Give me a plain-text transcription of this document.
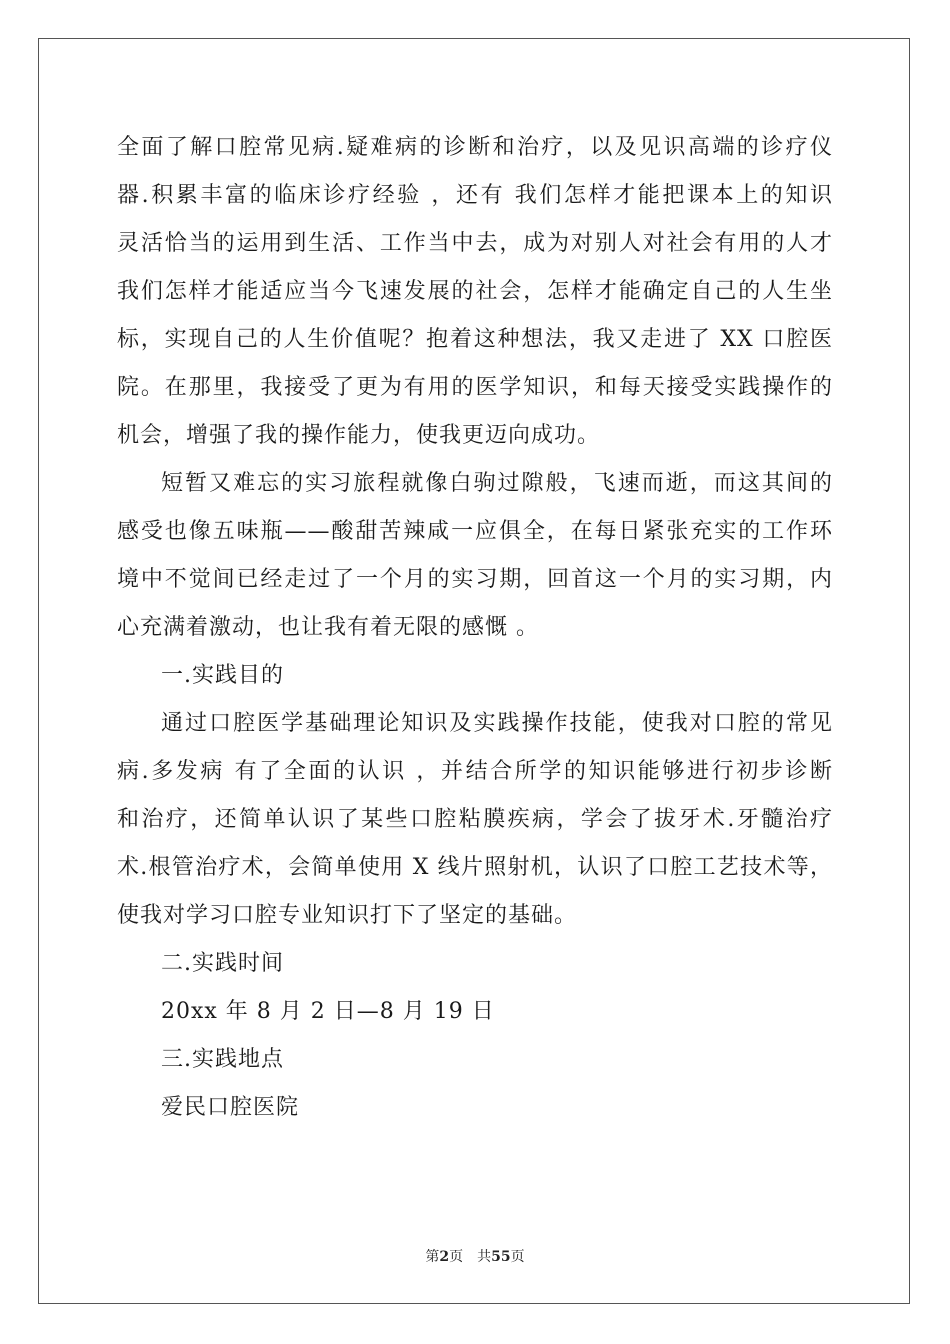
全面了解口腔常见病.疑难病的诊断和治疗，以及见识高端的诊疗仪
器.积累丰富的临床诊疗经验 ，还有 我们怎样才能把课本上的知识
灵活恰当的运用到生活、工作当中去，成为对别人对社会有用的人才
我们怎样才能适应当今飞速发展的社会，怎样才能确定自己的人生坐
标，实现自己的人生价值呢？抱着这种想法，我又走进了 XX 口腔医
院。在那里，我接受了更为有用的医学知识，和每天接受实践操作的
机会，增强了我的操作能力，使我更迈向成功。
短暂又难忘的实习旅程就像白驹过隙般，飞速而逝，而这其间的
感受也像五味瓶——酸甜苦辣咸一应俱全，在每日紧张充实的工作环
境中不觉间已经走过了一个月的实习期，回首这一个月的实习期，内
心充满着激动，也让我有着无限的感慨 。
一.实践目的
通过口腔医学基础理论知识及实践操作技能，使我对口腔的常见
病.多发病 有了全面的认识 ，并结合所学的知识能够进行初步诊断
和治疗，还简单认识了某些口腔粘膜疾病，学会了拔牙术.牙髓治疗
术.根管治疗术，会简单使用 X 线片照射机，认识了口腔工艺技术等，
使我对学习口腔专业知识打下了坚定的基础。
二.实践时间
20xx 年 8 月 2 日—8 月 19 日
三.实践地点
爱民口腔医院
第2页 共55页
